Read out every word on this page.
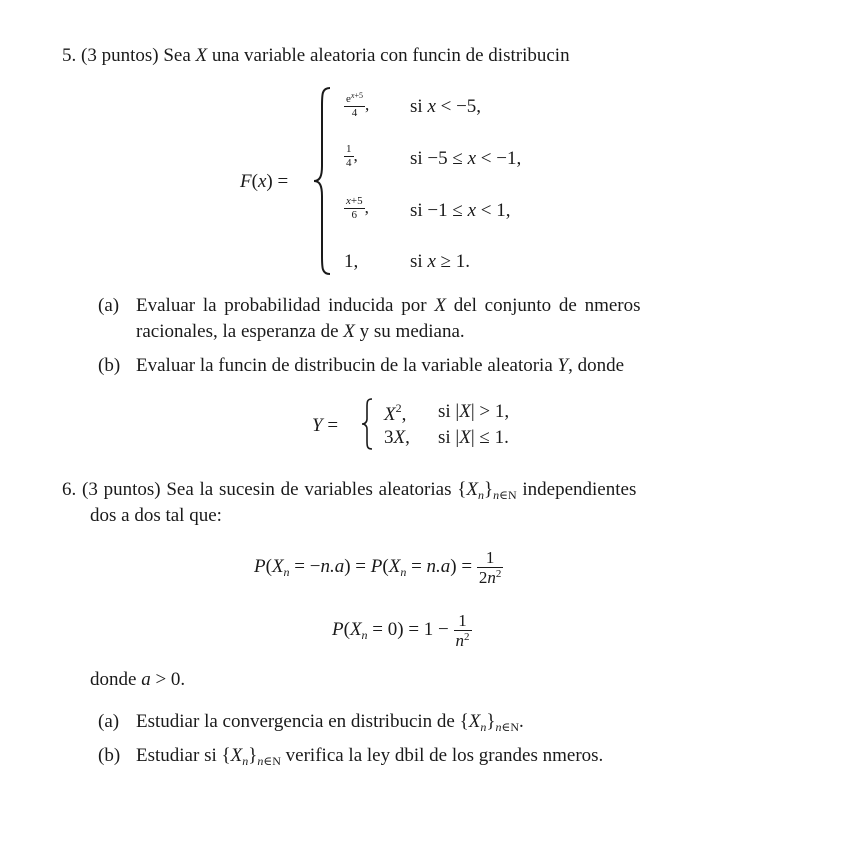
5. (3 puntos) Sea X una variable aleatoria con funcin de distribucin
F(x) =
$\frac{e^{x+5}}{4}$ , si x < −5,
$\frac{1}{4}$ ,	si −5 ≤ x < −1,
$\frac{x+5}{6}$ , si −1 ≤ x < 1,
1,	si x ≥ 1.
(a) Evaluar la probabilidad inducida por X del conjunto de nmeros
racionales, la esperanza de X y su mediana.
(b) Evaluar la funcin de distribucin de la variable aleatoria Y, donde
Y =
$X^2$, si |X| > 1,
3X, si |X| ≤ 1.
6. (3 puntos) Sea la sucesin de variables aleatorias $\{X_n\}_{n\in N}$ independientes
dos a dos tal que:
$P(X_n = -n.a) = P(X_n = n.a) = \frac{1}{2n^2}$
$P(X_n = 0) = 1 - \frac{1}{n^2}$
donde a > 0.
(a) Estudiar la convergencia en distribucin de $\{X_n\}_{n\in N}$.
(b) Estudiar si $\{X_n\}_{n\in N}$ verifica la ley dbil de los grandes nmeros.
